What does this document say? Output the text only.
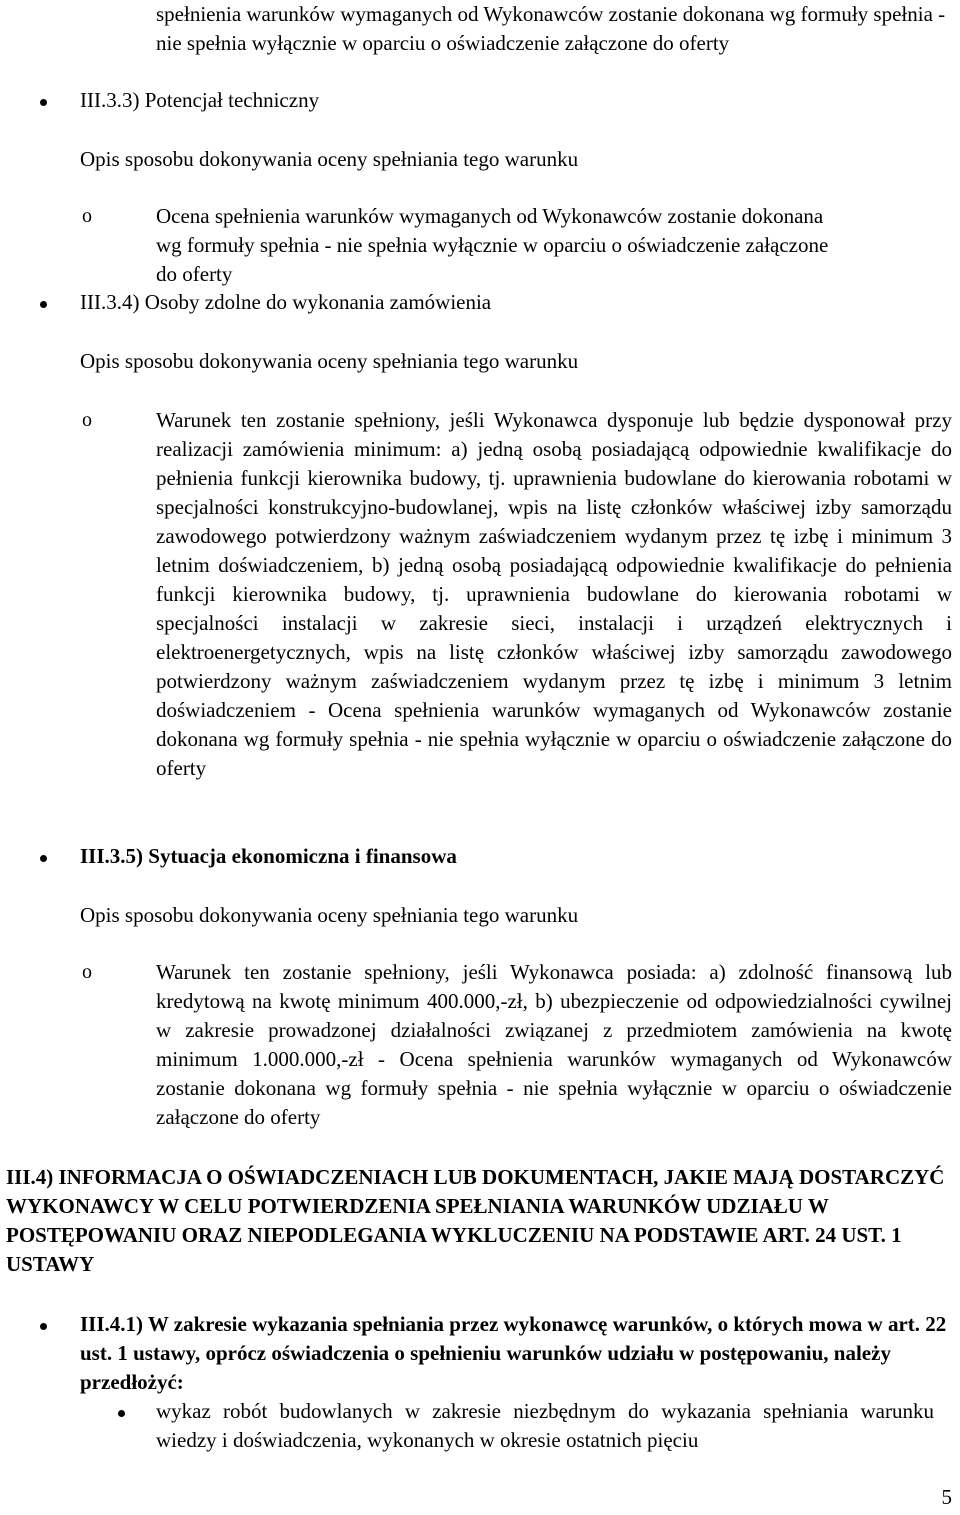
spełnienia warunków wymaganych od Wykonawców zostanie dokonana wg formuły spełnia - nie spełnia wyłącznie w oparciu o oświadczenie załączone do oferty

III.3.3) Potencjał techniczny

Opis sposobu dokonywania oceny spełniania tego warunku

o	Ocena spełnienia warunków wymaganych od Wykonawców zostanie dokonana wg formuły spełnia - nie spełnia wyłącznie w oparciu o oświadczenie załączone do oferty

III.3.4) Osoby zdolne do wykonania zamówienia

Opis sposobu dokonywania oceny spełniania tego warunku

o	Warunek ten zostanie spełniony, jeśli Wykonawca dysponuje lub będzie dysponował przy realizacji zamówienia minimum: a) jedną osobą posiadającą odpowiednie kwalifikacje do pełnienia funkcji kierownika budowy, tj. uprawnienia budowlane do kierowania robotami w specjalności konstrukcyjno-budowlanej, wpis na listę członków właściwej izby samorządu zawodowego potwierdzony ważnym zaświadczeniem wydanym przez tę izbę i minimum 3 letnim doświadczeniem, b) jedną osobą posiadającą odpowiednie kwalifikacje do pełnienia funkcji kierownika budowy, tj. uprawnienia budowlane do kierowania robotami w specjalności instalacji w zakresie sieci, instalacji i urządzeń elektrycznych i elektroenergetycznych, wpis na listę członków właściwej izby samorządu zawodowego potwierdzony ważnym zaświadczeniem wydanym przez tę izbę i minimum 3 letnim doświadczeniem - Ocena spełnienia warunków wymaganych od Wykonawców zostanie dokonana wg formuły spełnia - nie spełnia wyłącznie w oparciu o oświadczenie załączone do oferty

III.3.5) Sytuacja ekonomiczna i finansowa

Opis sposobu dokonywania oceny spełniania tego warunku

o	Warunek ten zostanie spełniony, jeśli Wykonawca posiada: a) zdolność finansową lub kredytową na kwotę minimum 400.000,-zł, b) ubezpieczenie od odpowiedzialności cywilnej w zakresie prowadzonej działalności związanej z przedmiotem zamówienia na kwotę minimum 1.000.000,-zł - Ocena spełnienia warunków wymaganych od Wykonawców zostanie dokonana wg formuły spełnia - nie spełnia wyłącznie w oparciu o oświadczenie załączone do oferty

III.4) INFORMACJA O OŚWIADCZENIACH LUB DOKUMENTACH, JAKIE MAJĄ DOSTARCZYĆ WYKONAWCY W CELU POTWIERDZENIA SPEŁNIANIA WARUNKÓW UDZIAŁU W POSTĘPOWANIU ORAZ NIEPODLEGANIA WYKLUCZENIU NA PODSTAWIE ART. 24 UST. 1 USTAWY

III.4.1) W zakresie wykazania spełniania przez wykonawcę warunków, o których mowa w art. 22 ust. 1 ustawy, oprócz oświadczenia o spełnieniu warunków udziału w postępowaniu, należy przedłożyć:

wykaz robót budowlanych w zakresie niezbędnym do wykazania spełniania warunku wiedzy i doświadczenia, wykonanych w okresie ostatnich pięciu

5
